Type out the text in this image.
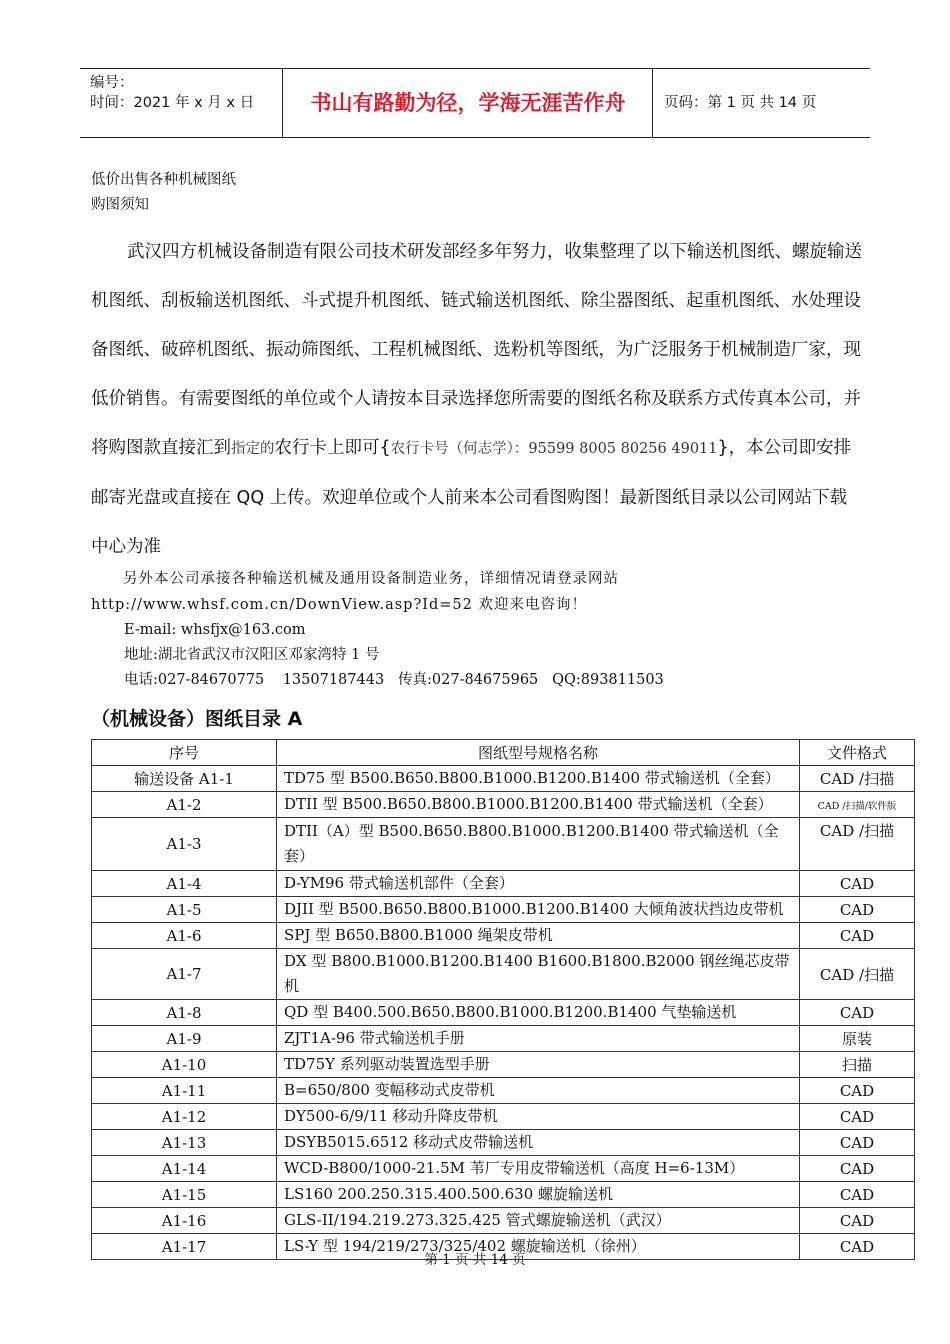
编号：
时间：2021 年 x 月 x 日	书山有路勤为径，学海无涯苦作舟	页码：第 1 页 共 14 页
低价出售各种机械图纸
购图须知
武汉四方机械设备制造有限公司技术研发部经多年努力，收集整理了以下输送机图纸、螺旋输送机图纸、刮板输送机图纸、斗式提升机图纸、链式输送机图纸、除尘器图纸、起重机图纸、水处理设备图纸、破碎机图纸、振动筛图纸、工程机械图纸、选粉机等图纸，为广泛服务于机械制造厂家，现低价销售。有需要图纸的单位或个人请按本目录选择您所需要的图纸名称及联系方式传真本公司，并将购图款直接汇到指定的农行卡上即可{农行卡号（何志学）：95599 8005 80256 49011}，本公司即安排邮寄光盘或直接在 QQ 上传。欢迎单位或个人前来本公司看图购图！最新图纸目录以公司网站下载中心为准
另外本公司承接各种输送机械及通用设备制造业务，详细情况请登录网站 http://www.whsf.com.cn/DownView.asp?Id=52 欢迎来电咨询！
E-mail: whsfjx@163.com
地址:湖北省武汉市汉阳区邓家湾特 1 号
电话:027-84670775    13507187443   传真:027-84675965   QQ:893811503
（机械设备）图纸目录 A
序号	图纸型号规格名称	文件格式
输送设备 A1-1	TD75 型 B500.B650.B800.B1000.B1200.B1400 带式输送机（全套）	CAD /扫描
A1-2	DTII 型 B500.B650.B800.B1000.B1200.B1400 带式输送机（全套）	CAD /扫描/软件版
A1-3	DTII（A）型 B500.B650.B800.B1000.B1200.B1400 带式输送机（全套）	CAD /扫描
A1-4	D-YM96 带式输送机部件（全套）	CAD
A1-5	DJII 型 B500.B650.B800.B1000.B1200.B1400 大倾角波状挡边皮带机	CAD
A1-6	SPJ 型 B650.B800.B1000 绳架皮带机	CAD
A1-7	DX 型 B800.B1000.B1200.B1400 B1600.B1800.B2000 钢丝绳芯皮带机	CAD /扫描
A1-8	QD 型 B400.500.B650.B800.B1000.B1200.B1400 气垫输送机	CAD
A1-9	ZJT1A-96 带式输送机手册	原装
A1-10	TD75Y 系列驱动装置选型手册	扫描
A1-11	B=650/800 变幅移动式皮带机	CAD
A1-12	DY500-6/9/11 移动升降皮带机	CAD
A1-13	DSYB5015.6512 移动式皮带输送机	CAD
A1-14	WCD-B800/1000-21.5M 苇厂专用皮带输送机（高度 H=6-13M）	CAD
A1-15	LS160 200.250.315.400.500.630 螺旋输送机	CAD
A1-16	GLS-II/194.219.273.325.425 管式螺旋输送机（武汉）	CAD
A1-17	LS-Y 型 194/219/273/325/402 螺旋输送机（徐州）	CAD
第 1 页 共 14 页
